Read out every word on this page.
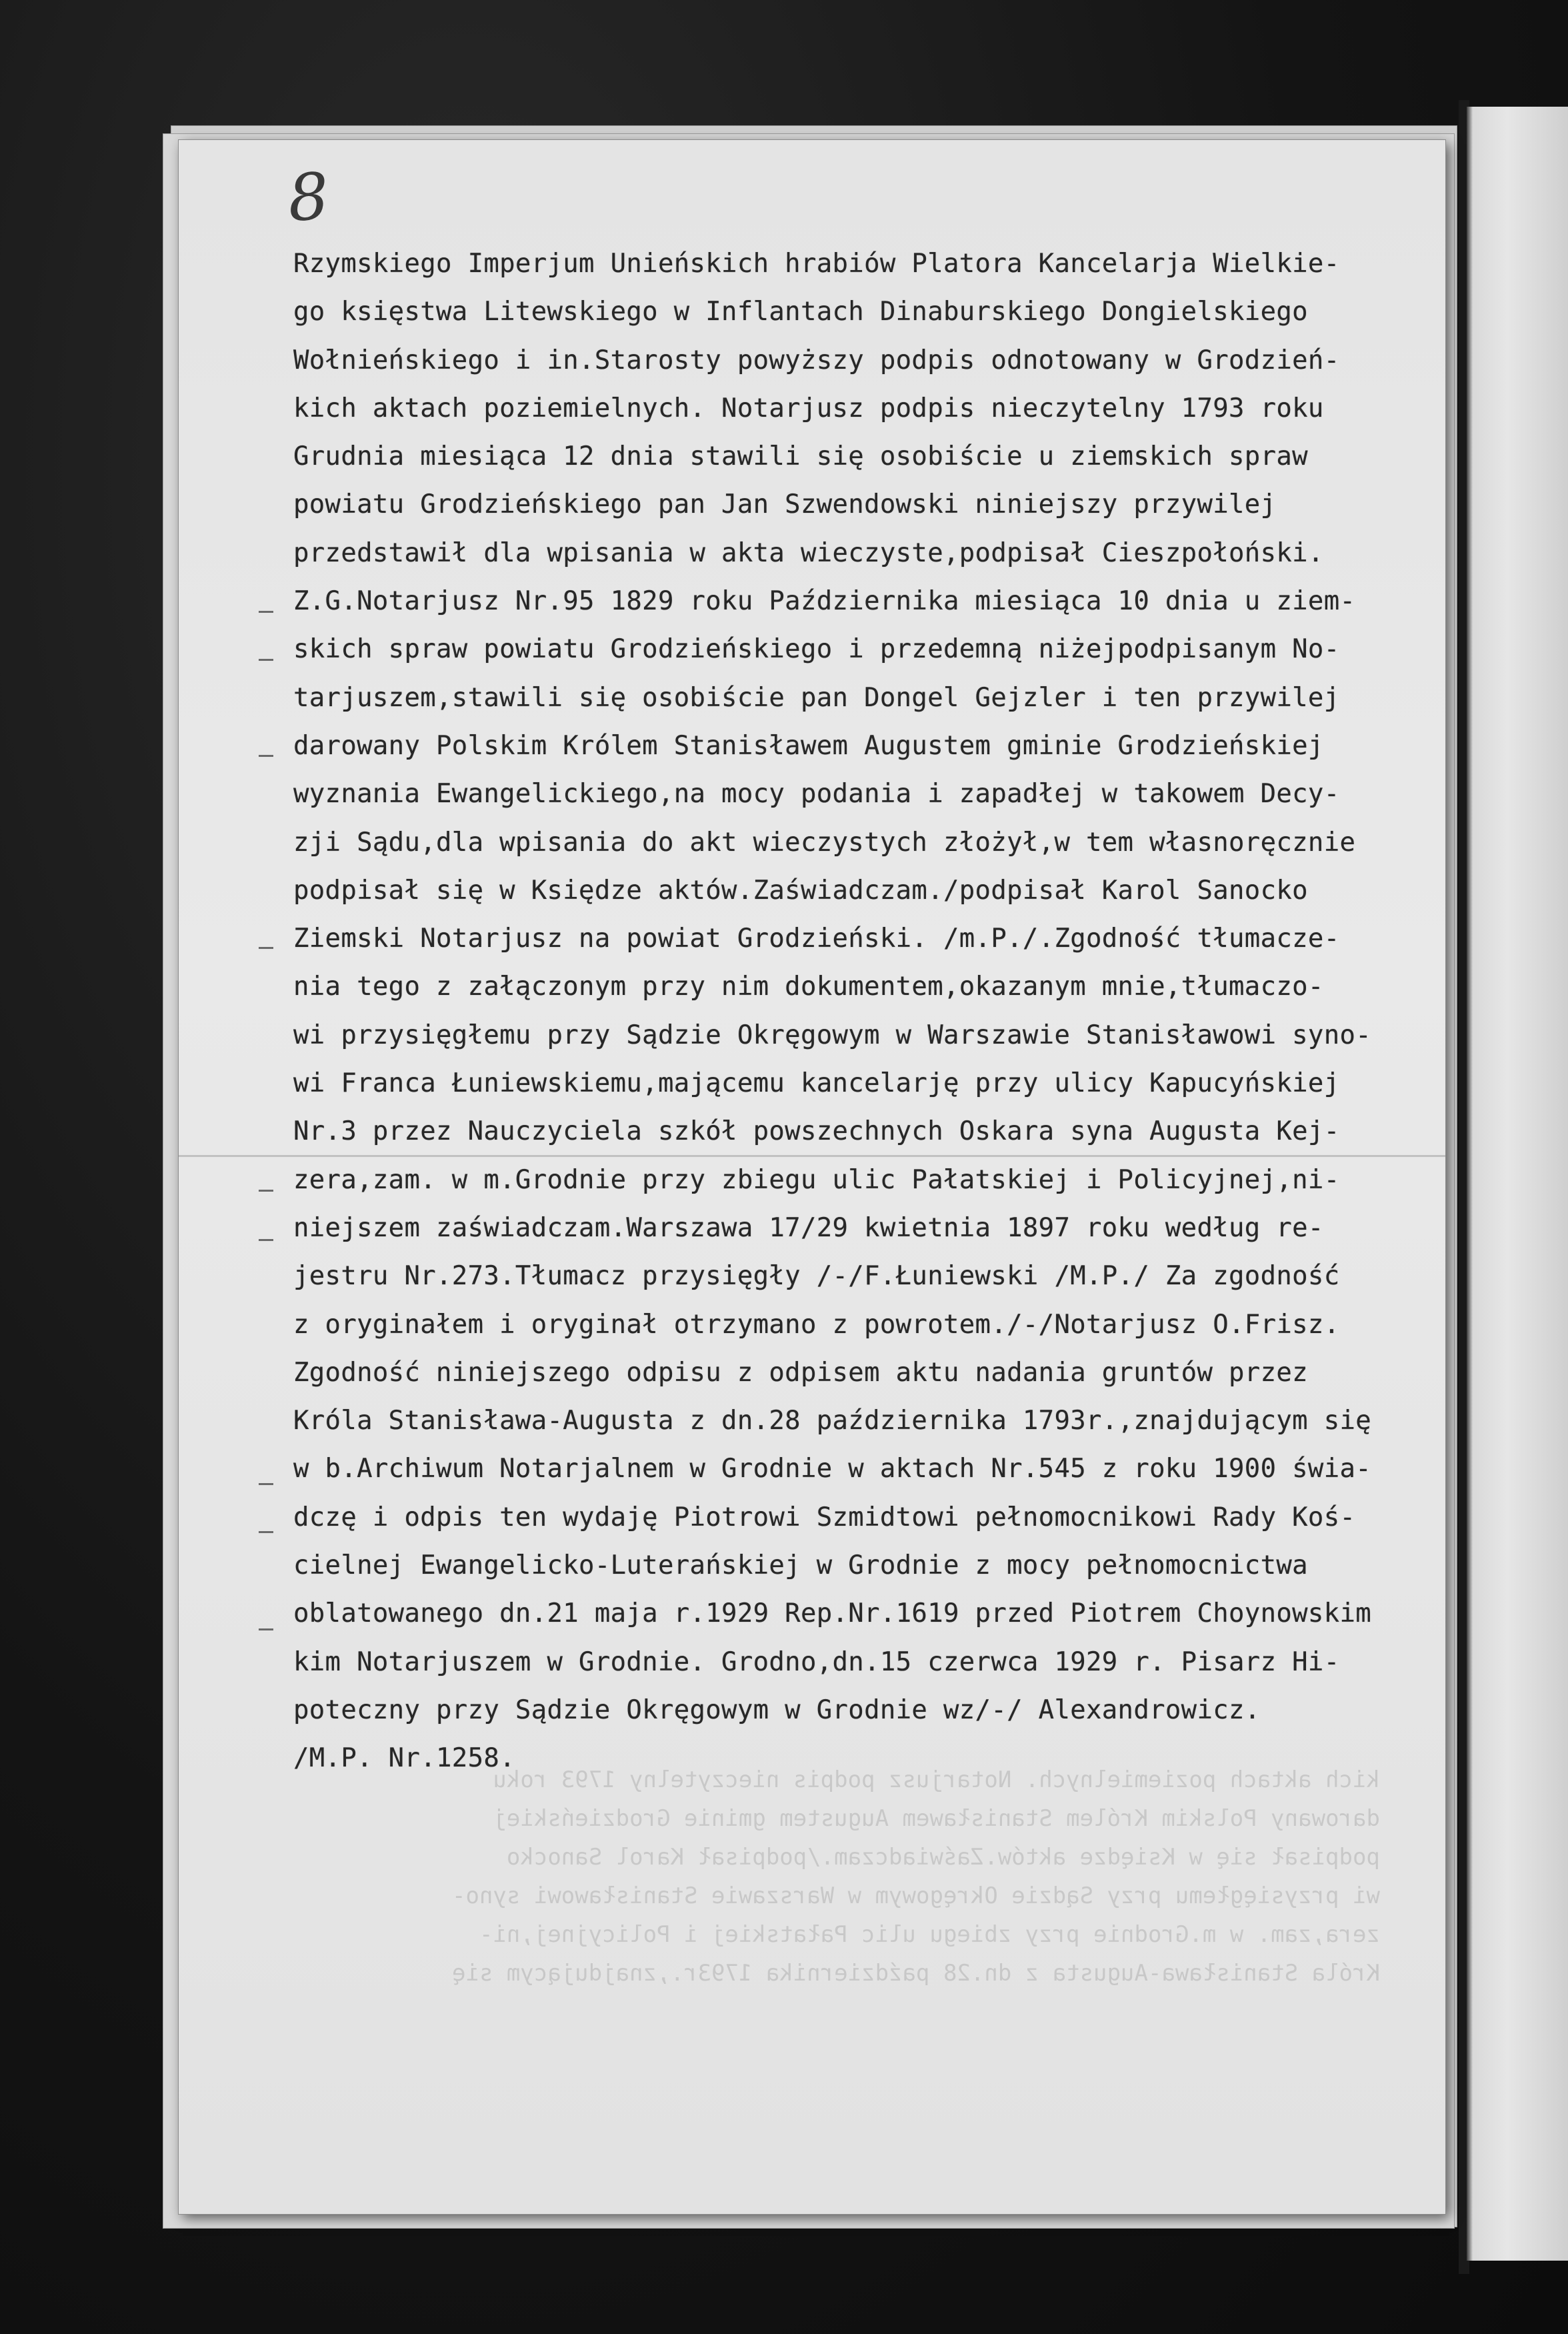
8
Rzymskiego Imperjum Unieńskich hrabiów Platora Kancelarja Wielkie-
go księstwa Litewskiego w Inflantach Dinaburskiego Dongielskiego
Wołnieńskiego i in.Starosty powyższy podpis odnotowany w Grodzień-
kich aktach poziemielnych. Notarjusz podpis nieczytelny 1793 roku
Grudnia miesiąca 12 dnia stawili się osobiście u ziemskich spraw
powiatu Grodzieńskiego pan Jan Szwendowski niniejszy przywilej
przedstawił dla wpisania w akta wieczyste,podpisał Cieszpołoński.
Z.G.Notarjusz Nr.95 1829 roku Października miesiąca 10 dnia u ziem-
skich spraw powiatu Grodzieńskiego i przedemną niżejpodpisanym No-
tarjuszem,stawili się osobiście pan Dongel Gejzler i ten przywilej
darowany Polskim Królem Stanisławem Augustem gminie Grodzieńskiej
wyznania Ewangelickiego,na mocy podania i zapadłej w takowem Decy-
zji Sądu,dla wpisania do akt wieczystych złożył,w tem własnoręcznie
podpisał się w Księdze aktów.Zaświadczam./podpisał Karol Sanocko
Ziemski Notarjusz na powiat Grodzieński. /m.P./.Zgodność tłumacze-
nia tego z załączonym przy nim dokumentem,okazanym mnie,tłumaczo-
wi przysięgłemu przy Sądzie Okręgowym w Warszawie Stanisławowi syno-
wi Franca Łuniewskiemu,mającemu kancelarję przy ulicy Kapucyńskiej
Nr.3 przez Nauczyciela szkół powszechnych Oskara syna Augusta Kej-
zera,zam. w m.Grodnie przy zbiegu ulic Pałatskiej i Policyjnej,ni-
niejszem zaświadczam.Warszawa 17/29 kwietnia 1897 roku według re-
jestru Nr.273.Tłumacz przysięgły /-/F.Łuniewski /M.P./ Za zgodność
z oryginałem i oryginał otrzymano z powrotem./-/Notarjusz O.Frisz.
Zgodność niniejszego odpisu z odpisem aktu nadania gruntów przez
Króla Stanisława-Augusta z dn.28 października 1793r.,znajdującym się
w b.Archiwum Notarjalnem w Grodnie w aktach Nr.545 z roku 1900 świa-
dczę i odpis ten wydaję Piotrowi Szmidtowi pełnomocnikowi Rady Koś-
cielnej Ewangelicko-Luterańskiej w Grodnie z mocy pełnomocnictwa
oblatowanego dn.21 maja r.1929 Rep.Nr.1619 przed Piotrem Choynowskim
kim Notarjuszem w Grodnie. Grodno,dn.15 czerwca 1929 r. Pisarz Hi-
poteczny przy Sądzie Okręgowym w Grodnie wz/-/ Alexandrowicz.
/M.P. Nr.1258.
kich aktach poziemielnych. Notarjusz podpis nieczytelny 1793 roku
darowany Polskim Królem Stanisławem Augustem gminie Grodzieńskiej
podpisał się w Księdze aktów.Zaświadczam./podpisał Karol Sanocko
wi przysięgłemu przy Sądzie Okręgowym w Warszawie Stanisławowi syno-
zera,zam. w m.Grodnie przy zbiegu ulic Pałatskiej i Policyjnej,ni-
Króla Stanisława-Augusta z dn.28 października 1793r.,znajdującym się
